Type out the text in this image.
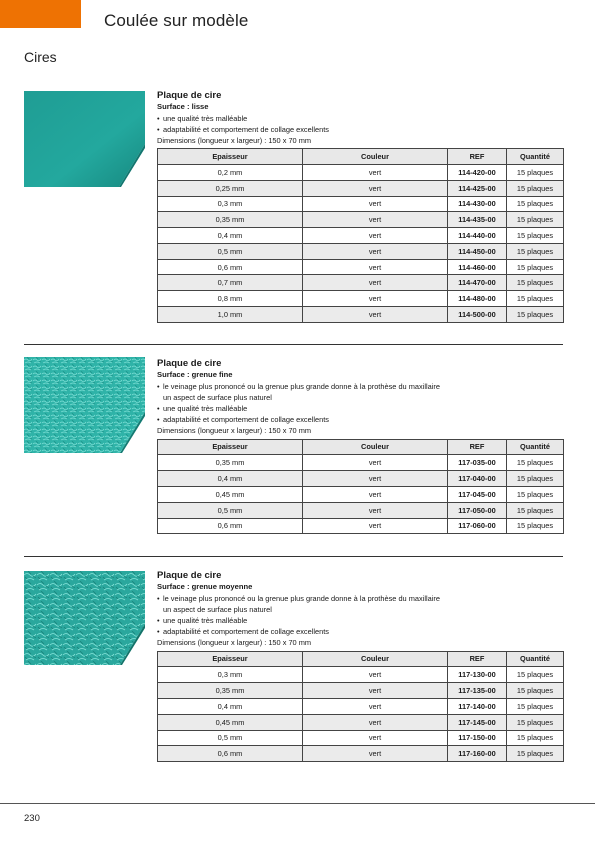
Coulée sur modèle
Cires
Plaque de cire
Surface : lisse
• une qualité très malléable
• adaptabilité et comportement de collage excellents
Dimensions (longueur x largeur) : 150 x 70 mm
Epaisseur	Couleur	REF	Quantité
0,2 mm	vert	114-420-00	15 plaques
0,25 mm	vert	114-425-00	15 plaques
0,3 mm	vert	114-430-00	15 plaques
0,35 mm	vert	114-435-00	15 plaques
0,4 mm	vert	114-440-00	15 plaques
0,5 mm	vert	114-450-00	15 plaques
0,6 mm	vert	114-460-00	15 plaques
0,7 mm	vert	114-470-00	15 plaques
0,8 mm	vert	114-480-00	15 plaques
1,0 mm	vert	114-500-00	15 plaques
Plaque de cire
Surface : grenue fine
• le veinage plus prononcé ou la grenue plus grande donne à la prothèse du maxillaire
un aspect de surface plus naturel
• une qualité très malléable
• adaptabilité et comportement de collage excellents
Dimensions (longueur x largeur) : 150 x 70 mm
Epaisseur	Couleur	REF	Quantité
0,35 mm	vert	117-035-00	15 plaques
0,4 mm	vert	117-040-00	15 plaques
0,45 mm	vert	117-045-00	15 plaques
0,5 mm	vert	117-050-00	15 plaques
0,6 mm	vert	117-060-00	15 plaques
Plaque de cire
Surface : grenue moyenne
• le veinage plus prononcé ou la grenue plus grande donne à la prothèse du maxillaire
un aspect de surface plus naturel
• une qualité très malléable
• adaptabilité et comportement de collage excellents
Dimensions (longueur x largeur) : 150 x 70 mm
Epaisseur	Couleur	REF	Quantité
0,3 mm	vert	117-130-00	15 plaques
0,35 mm	vert	117-135-00	15 plaques
0,4 mm	vert	117-140-00	15 plaques
0,45 mm	vert	117-145-00	15 plaques
0,5 mm	vert	117-150-00	15 plaques
0,6 mm	vert	117-160-00	15 plaques
230
